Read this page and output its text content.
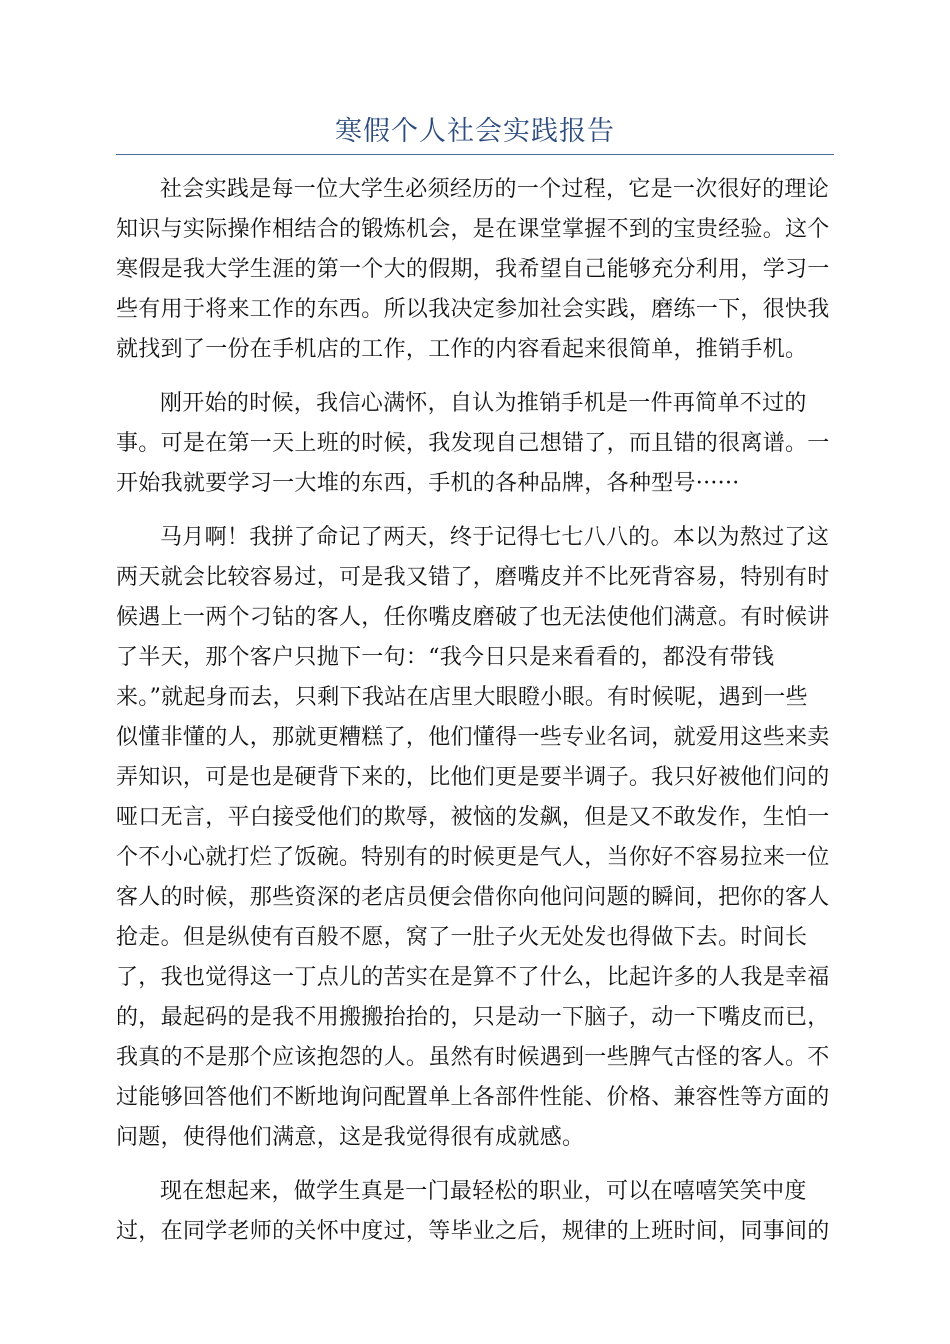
寒假个人社会实践报告
社会实践是每一位大学生必须经历的一个过程，它是一次很好的理论
知识与实际操作相结合的锻炼机会，是在课堂掌握不到的宝贵经验。这个
寒假是我大学生涯的第一个大的假期，我希望自己能够充分利用，学习一
些有用于将来工作的东西。所以我决定参加社会实践，磨练一下，很快我
就找到了一份在手机店的工作，工作的内容看起来很简单，推销手机。
刚开始的时候，我信心满怀，自认为推销手机是一件再简单不过的
事。可是在第一天上班的时候，我发现自己想错了，而且错的很离谱。一
开始我就要学习一大堆的东西，手机的各种品牌，各种型号······
马月啊！我拼了命记了两天，终于记得七七八八的。本以为熬过了这
两天就会比较容易过，可是我又错了，磨嘴皮并不比死背容易，特别有时
候遇上一两个刁钻的客人，任你嘴皮磨破了也无法使他们满意。有时候讲
了半天，那个客户只抛下一句：“我今日只是来看看的，都没有带钱
来。”就起身而去，只剩下我站在店里大眼瞪小眼。有时候呢，遇到一些
似懂非懂的人，那就更糟糕了，他们懂得一些专业名词，就爱用这些来卖
弄知识，可是也是硬背下来的，比他们更是要半调子。我只好被他们问的
哑口无言，平白接受他们的欺辱，被恼的发飙，但是又不敢发作，生怕一
个不小心就打烂了饭碗。特别有的时候更是气人，当你好不容易拉来一位
客人的时候，那些资深的老店员便会借你向他问问题的瞬间，把你的客人
抢走。但是纵使有百般不愿，窝了一肚子火无处发也得做下去。时间长
了，我也觉得这一丁点儿的苦实在是算不了什么，比起许多的人我是幸福
的，最起码的是我不用搬搬抬抬的，只是动一下脑子，动一下嘴皮而已，
我真的不是那个应该抱怨的人。虽然有时候遇到一些脾气古怪的客人。不
过能够回答他们不断地询问配置单上各部件性能、价格、兼容性等方面的
问题，使得他们满意，这是我觉得很有成就感。
现在想起来，做学生真是一门最轻松的职业，可以在嘻嘻笑笑中度
过，在同学老师的关怀中度过，等毕业之后，规律的上班时间，同事间的
